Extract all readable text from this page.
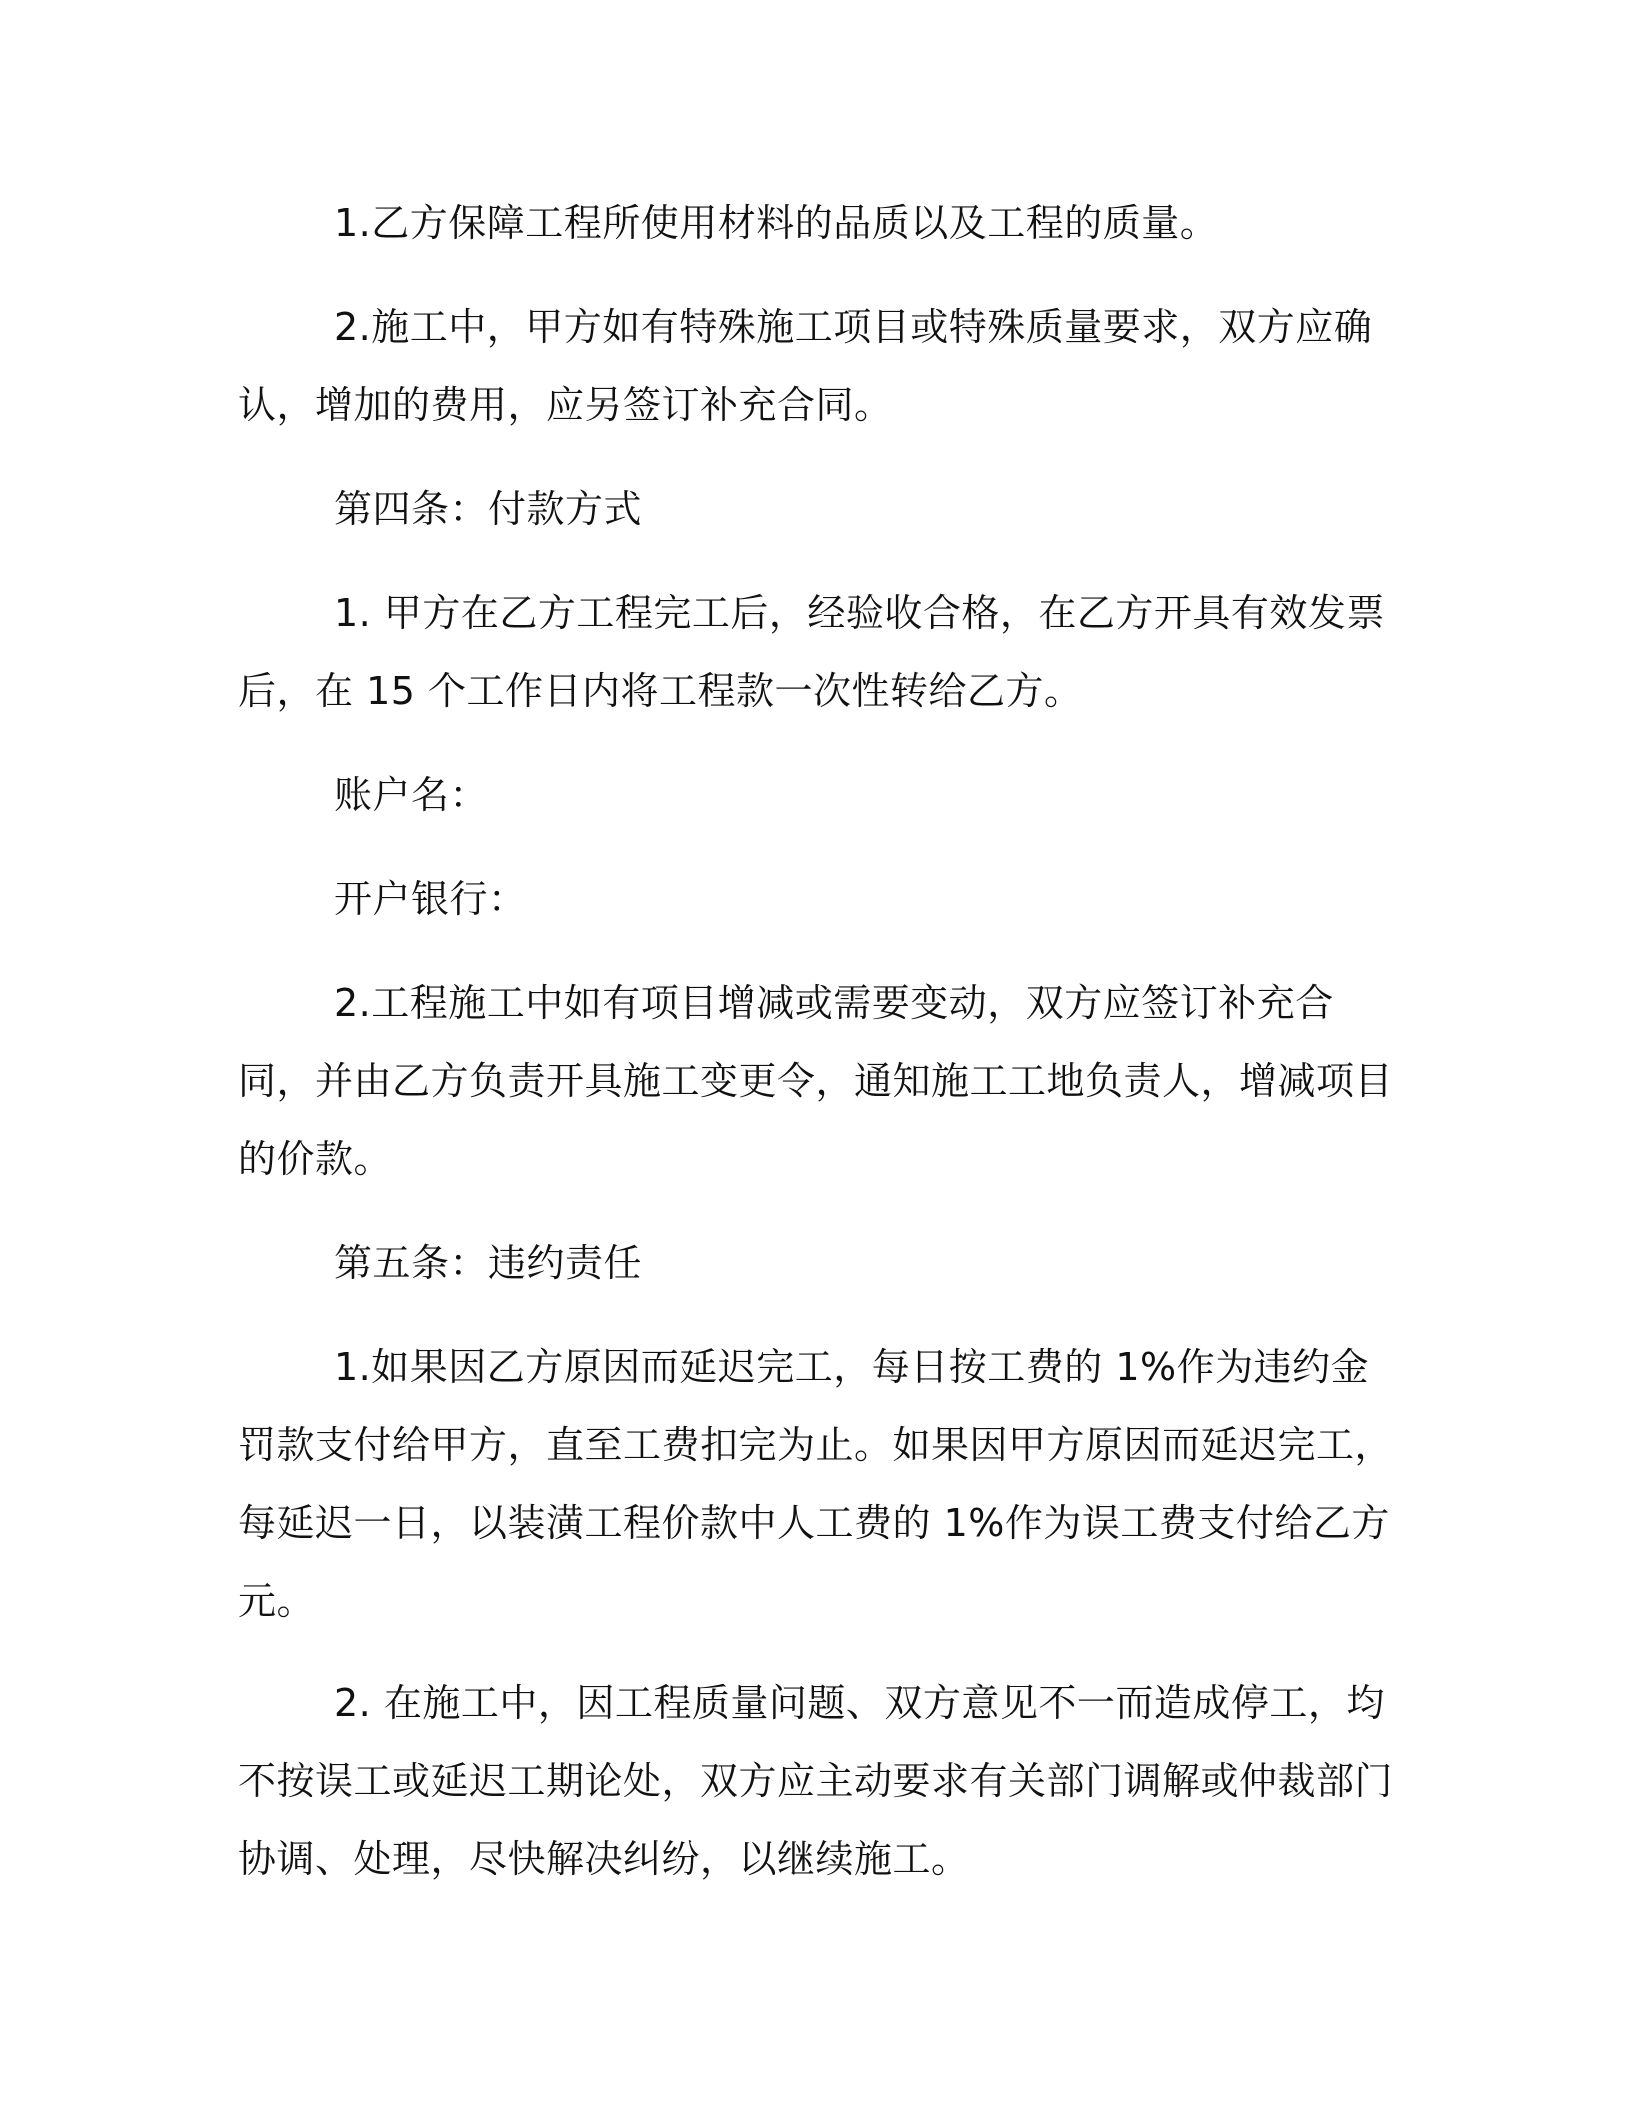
1.乙方保障工程所使用材料的品质以及工程的质量。

2.施工中，甲方如有特殊施工项目或特殊质量要求，双方应确认，增加的费用，应另签订补充合同。

第四条：付款方式

1. 甲方在乙方工程完工后，经验收合格，在乙方开具有效发票后，在 15 个工作日内将工程款一次性转给乙方。

账户名：

开户银行：

2.工程施工中如有项目增减或需要变动，双方应签订补充合同，并由乙方负责开具施工变更令，通知施工工地负责人，增减项目的价款。

第五条：违约责任

1.如果因乙方原因而延迟完工，每日按工费的 1%作为违约金罚款支付给甲方，直至工费扣完为止。如果因甲方原因而延迟完工，每延迟一日，以装潢工程价款中人工费的 1%作为误工费支付给乙方 元。

2. 在施工中，因工程质量问题、双方意见不一而造成停工，均不按误工或延迟工期论处，双方应主动要求有关部门调解或仲裁部门协调、处理，尽快解决纠纷，以继续施工。
